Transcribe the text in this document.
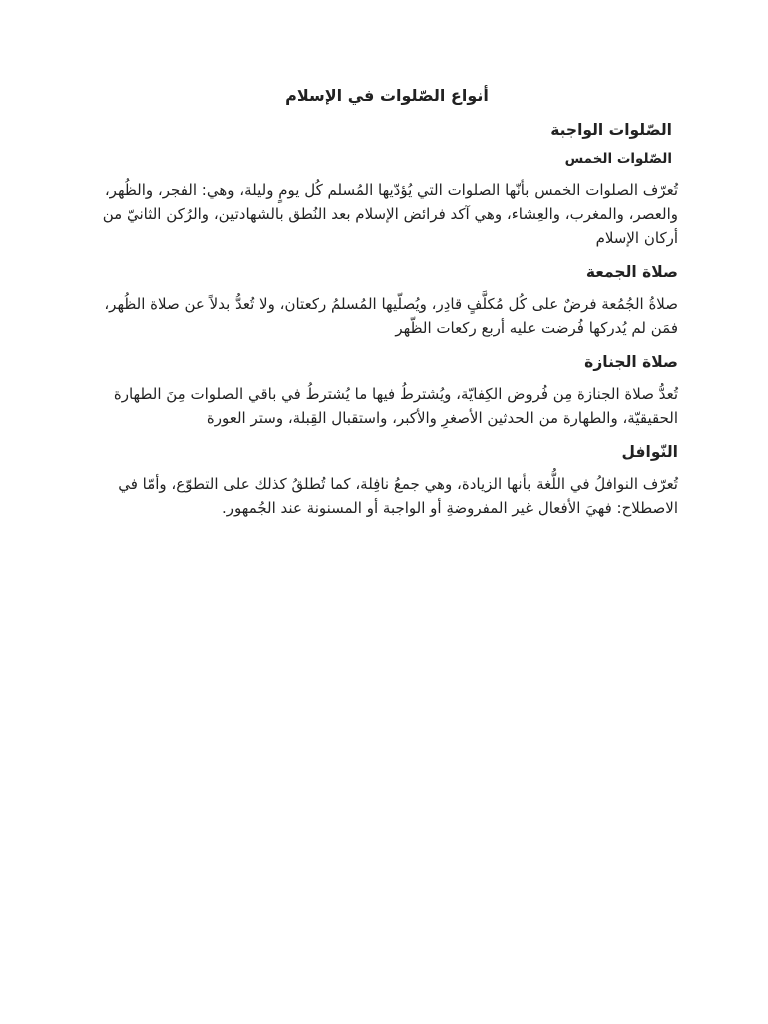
أنواع الصّلوات في الإسلام
الصّلوات الواجبة
الصّلوات الخمس

تُعرّف الصلوات الخمس بأنّها الصلوات التي يُؤدّيها المُسلم كُل يومٍ وليلة، وهي: الفجر، والظُهر، والعصر، والمغرب، والعِشاء، وهي آكد فرائض الإسلام بعد النُطق بالشهادتين، والرُكن الثانيّ من أركان الإسلام

صلاة الجمعة

صلاةُ الجُمُعة فرضٌ على كُل مُكلَّفٍ قادِر، ويُصلّيها المُسلمُ ركعتان، ولا تُعدُّ بدلاً عن صلاة الظُهر، فمَن لم يُدركها فُرضت عليه أربع ركعات الظّهر

صلاة الجنازة

تُعدُّ صلاة الجنازة مِن فُروض الكِفايّة، ويُشترطُ فيها ما يُشترطُ في باقي الصلوات مِنَ الطهارة الحقيقيّة، والطهارة من الحدثين الأصغرِ والأكبر، واستقبال القِبلة، وستر العورة

النّوافل

تُعرّف النوافلُ في اللُّغة بأنها الزيادة، وهي جمعُ نافِلة، كما تُطلقُ كذلك على التطوّع، وأمّا في الاصطلاح: فهيَ الأفعال غير المفروضةِ أو الواجبة أو المسنونة عند الجُمهور.
